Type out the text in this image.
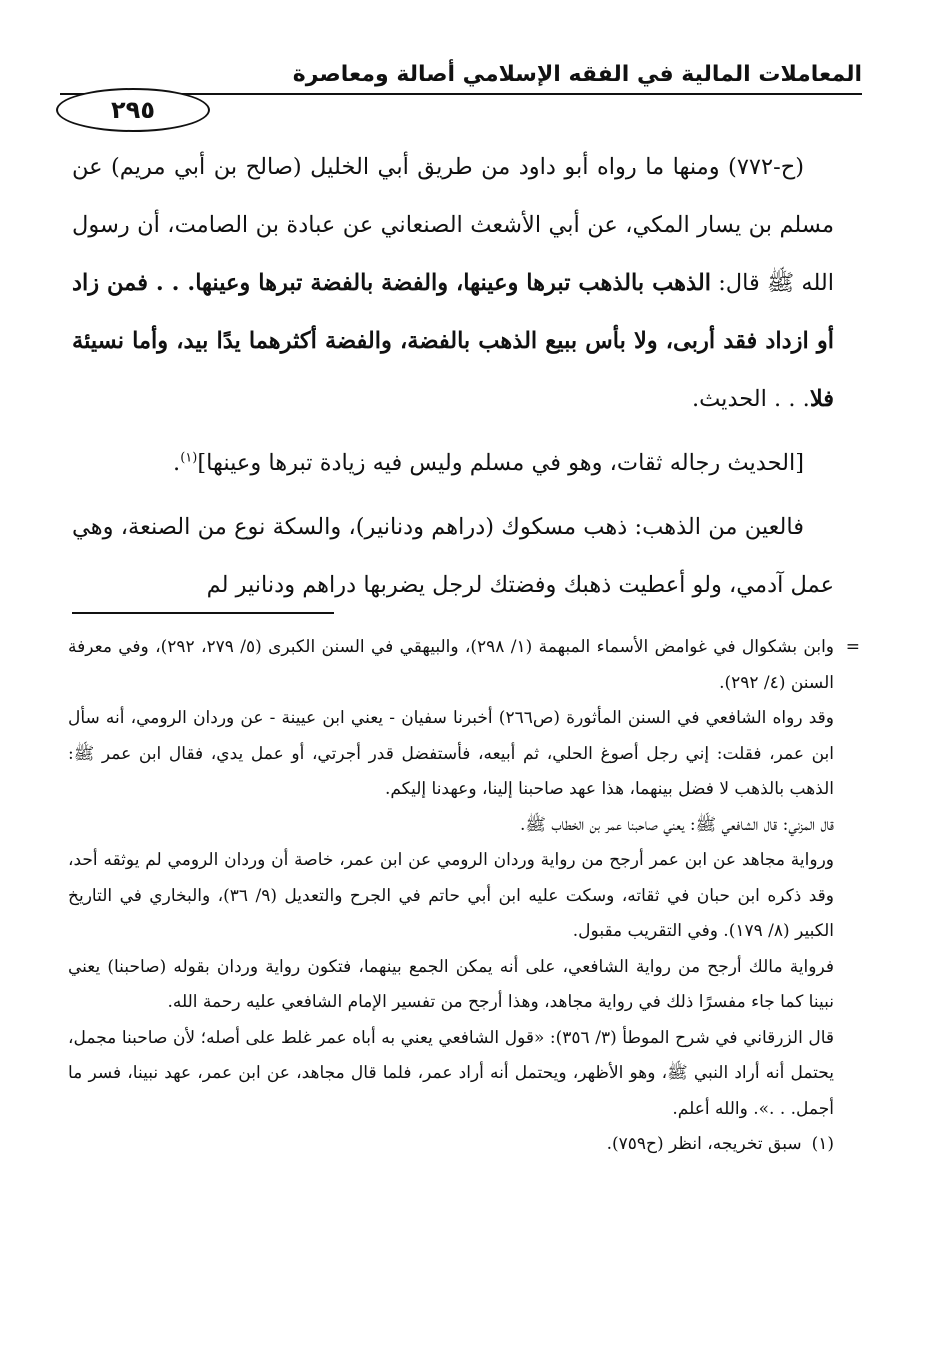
المعاملات المالية في الفقه الإسلامي أصالة ومعاصرة
٢٩٥

(ح-٧٧٢) ومنها ما رواه أبو داود من طريق أبي الخليل (صالح بن أبي مريم) عن مسلم بن يسار المكي، عن أبي الأشعث الصنعاني عن عبادة بن الصامت، أن رسول الله ﷺ قال: الذهب بالذهب تبرها وعينها، والفضة بالفضة تبرها وعينها. . . فمن زاد أو ازداد فقد أربى، ولا بأس ببيع الذهب بالفضة، والفضة أكثرهما يدًا بيد، وأما نسيئة فلا. . . الحديث.

[الحديث رجاله ثقات، وهو في مسلم وليس فيه زيادة تبرها وعينها]$^{(١)}$.

فالعين من الذهب: ذهب مسكوك (دراهم ودنانير)، والسكة نوع من الصنعة، وهي عمل آدمي، ولو أعطيت ذهبك وفضتك لرجل يضربها دراهم ودنانير لم

=
وابن بشكوال في غوامض الأسماء المبهمة (١/ ٢٩٨)، والبيهقي في السنن الكبرى (٥/ ٢٧٩، ٢٩٢)، وفي معرفة السنن (٤/ ٢٩٢).

وقد رواه الشافعي في السنن المأثورة (ص٢٦٦) أخبرنا سفيان - يعني ابن عيينة - عن وردان الرومي، أنه سأل ابن عمر، فقلت: إني رجل أصوغ الحلي، ثم أبيعه، فأستفضل قدر أجرتي، أو عمل يدي، فقال ابن عمر ﷺ: الذهب بالذهب لا فضل بينهما، هذا عهد صاحبنا إلينا، وعهدنا إليكم.

قال المزني: قال الشافعي ﷺ: يعني صاحبنا عمر بن الخطاب ﷺ.

ورواية مجاهد عن ابن عمر أرجح من رواية وردان الرومي عن ابن عمر، خاصة أن وردان الرومي لم يوثقه أحد، وقد ذكره ابن حبان في ثقاته، وسكت عليه ابن أبي حاتم في الجرح والتعديل (٩/ ٣٦)، والبخاري في التاريخ الكبير (٨/ ١٧٩). وفي التقريب مقبول.

فرواية مالك أرجح من رواية الشافعي، على أنه يمكن الجمع بينهما، فتكون رواية وردان بقوله (صاحبنا) يعني نبينا كما جاء مفسرًا ذلك في رواية مجاهد، وهذا أرجح من تفسير الإمام الشافعي عليه رحمة الله.

قال الزرقاني في شرح الموطأ (٣/ ٣٥٦): «قول الشافعي يعني به أباه عمر غلط على أصله؛ لأن صاحبنا مجمل، يحتمل أنه أراد النبي ﷺ، وهو الأظهر، ويحتمل أنه أراد عمر، فلما قال مجاهد، عن ابن عمر، عهد نبينا، فسر ما أجمل. . .». والله أعلم.

(١)سبق تخريجه، انظر (ح٧٥٩).
